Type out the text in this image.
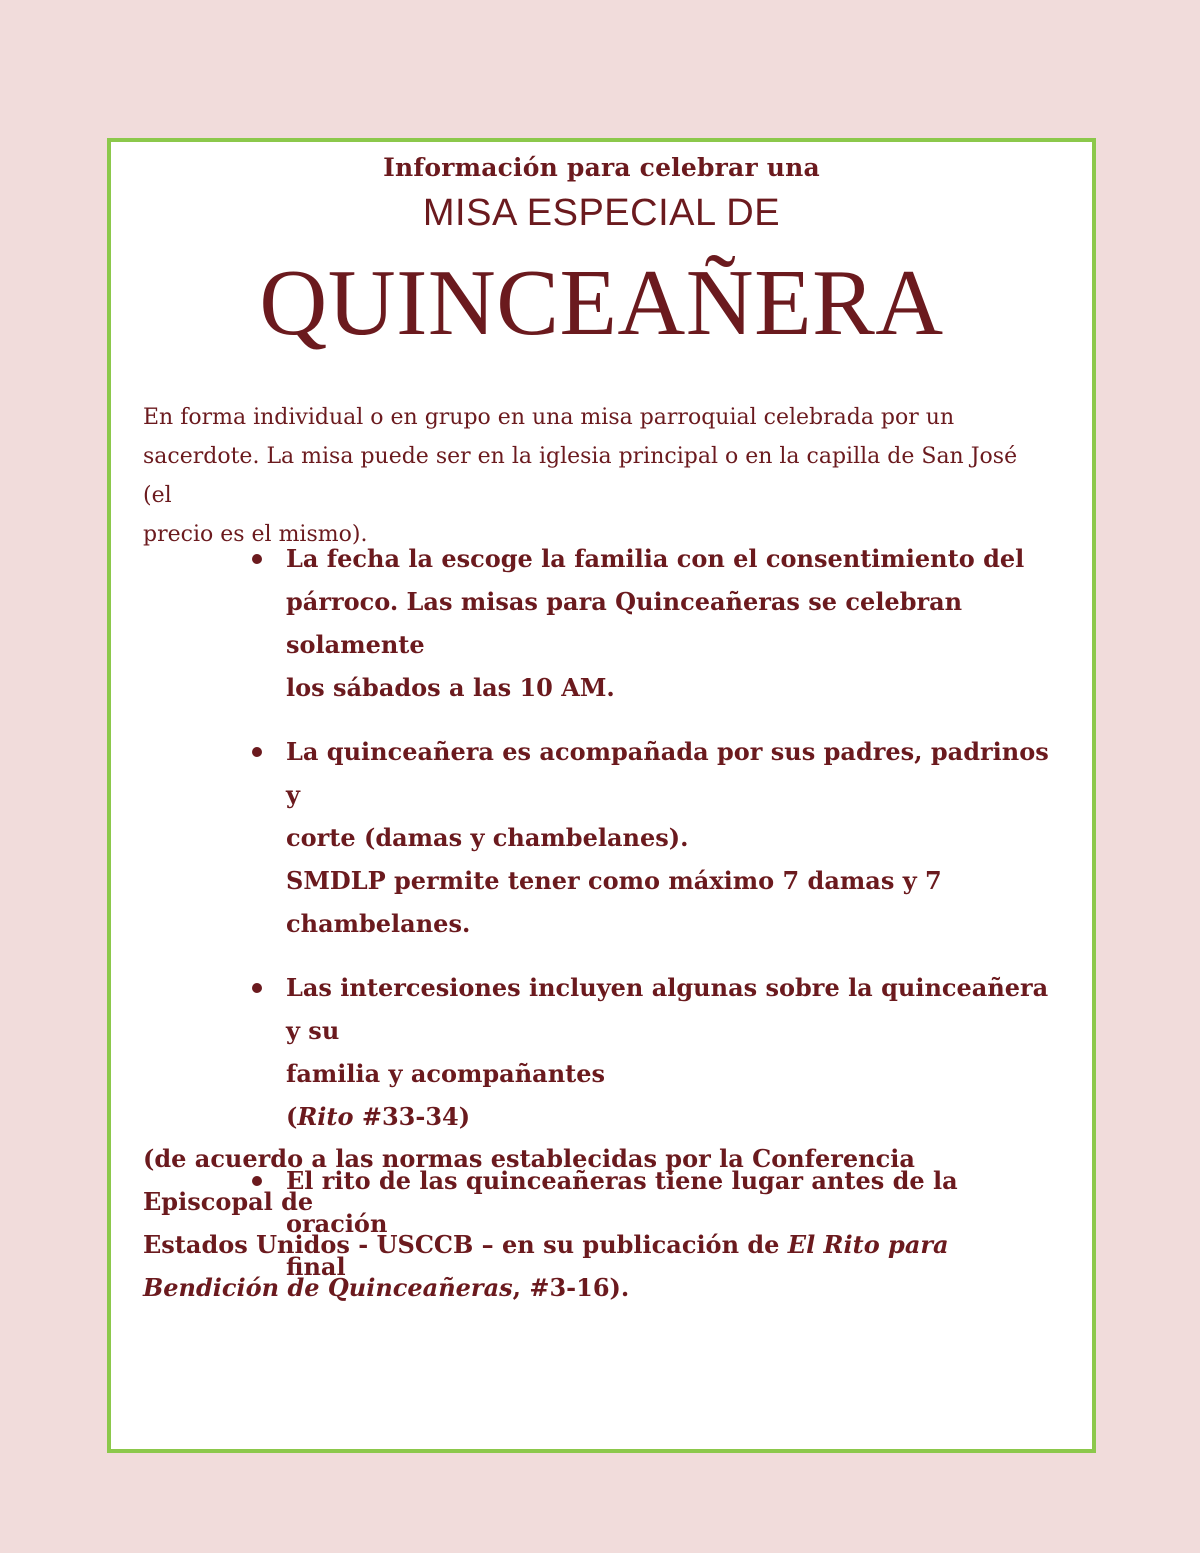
Información para celebrar una
MISA ESPECIAL DE
QUINCEAÑERA

En forma individual o en grupo en una misa parroquial celebrada por un
sacerdote. La misa puede ser en la iglesia principal o en la capilla de San José (el
precio es el mismo).

La fecha la escoge la familia con el consentimiento del
párroco. Las misas para Quinceañeras se celebran solamente
los sábados a las 10 AM.
La quinceañera es acompañada por sus padres, padrinos y
corte (damas y chambelanes).
SMDLP permite tener como máximo 7 damas y 7
chambelanes.
Las intercesiones incluyen algunas sobre la quinceañera y su
familia y acompañantes
(Rito #33-34)
El rito de las quinceañeras tiene lugar antes de la oración
final

(de acuerdo a las normas establecidas por la Conferencia Episcopal de
Estados Unidos - USCCB – en su publicación de El Rito para
Bendición de Quinceañeras, #3-16).
